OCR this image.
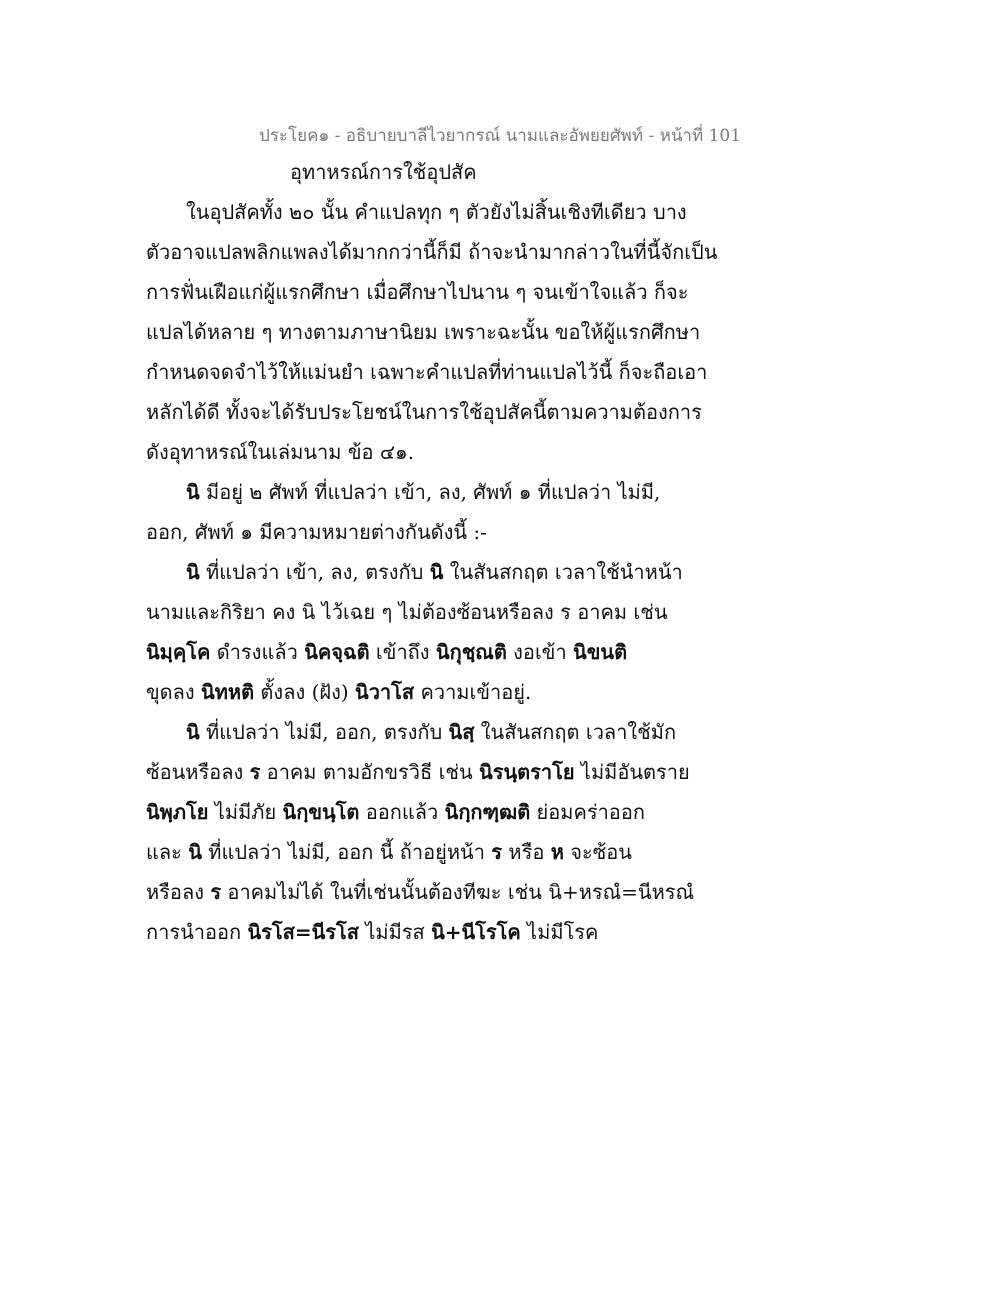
ประโยค๑ - อธิบายบาลีไวยากรณ์ นามและอัพยยศัพท์ - หน้าที่ 101
อุทาหรณ์การใช้อุปสัค
ในอุปสัคทั้ง ๒๐ นั้น คำแปลทุก ๆ ตัวยังไม่สิ้นเชิงทีเดียว บาง
ตัวอาจแปลพลิกแพลงได้มากกว่านี้ก็มี ถ้าจะนำมากล่าวในที่นี้จักเป็น
การฟั่นเฝือแก่ผู้แรกศึกษา เมื่อศึกษาไปนาน ๆ จนเข้าใจแล้ว ก็จะ
แปลได้หลาย ๆ ทางตามภาษานิยม เพราะฉะนั้น ขอให้ผู้แรกศึกษา
กำหนดจดจำไว้ให้แม่นยำ เฉพาะคำแปลที่ท่านแปลไว้นี้ ก็จะถือเอา
หลักได้ดี ทั้งจะได้รับประโยชน์ในการใช้อุปสัคนี้ตามความต้องการ
ดังอุทาหรณ์ในเล่มนาม ข้อ ๔๑.
นิ มีอยู่ ๒ ศัพท์ ที่แปลว่า เข้า, ลง, ศัพท์ ๑ ที่แปลว่า ไม่มี,
ออก, ศัพท์ ๑ มีความหมายต่างกันดังนี้ :-
นิ ที่แปลว่า เข้า, ลง, ตรงกับ นิ ในสันสกฤต เวลาใช้นำหน้า
นามและกิริยา คง นิ ไว้เฉย ๆ ไม่ต้องซ้อนหรือลง ร อาคม เช่น
นิมฺคฺโค ดำรงแล้ว นิคจฺฉติ เข้าถึง นิกุชฺณติ งอเข้า นิขนติ
ขุดลง นิทหติ ตั้งลง (ฝัง) นิวาโส ความเข้าอยู่.
นิ ที่แปลว่า ไม่มี, ออก, ตรงกับ นิสฺ ในสันสกฤต เวลาใช้มัก
ซ้อนหรือลง ร อาคม ตามอักขรวิธี เช่น นิรนฺตราโย ไม่มีอันตราย
นิพฺภโย ไม่มีภัย นิกฺขนฺโต ออกแล้ว นิกฺกฑฺฒติ ย่อมคร่าออก
และ นิ ที่แปลว่า ไม่มี, ออก นี้ ถ้าอยู่หน้า ร หรือ ห จะซ้อน
หรือลง ร อาคมไม่ได้ ในที่เช่นนั้นต้องทีฆะ เช่น นิ+หรณํ=นีหรณํ
การนำออก นิรโส=นีรโส ไม่มีรส นิ+นีโรโค ไม่มีโรค
